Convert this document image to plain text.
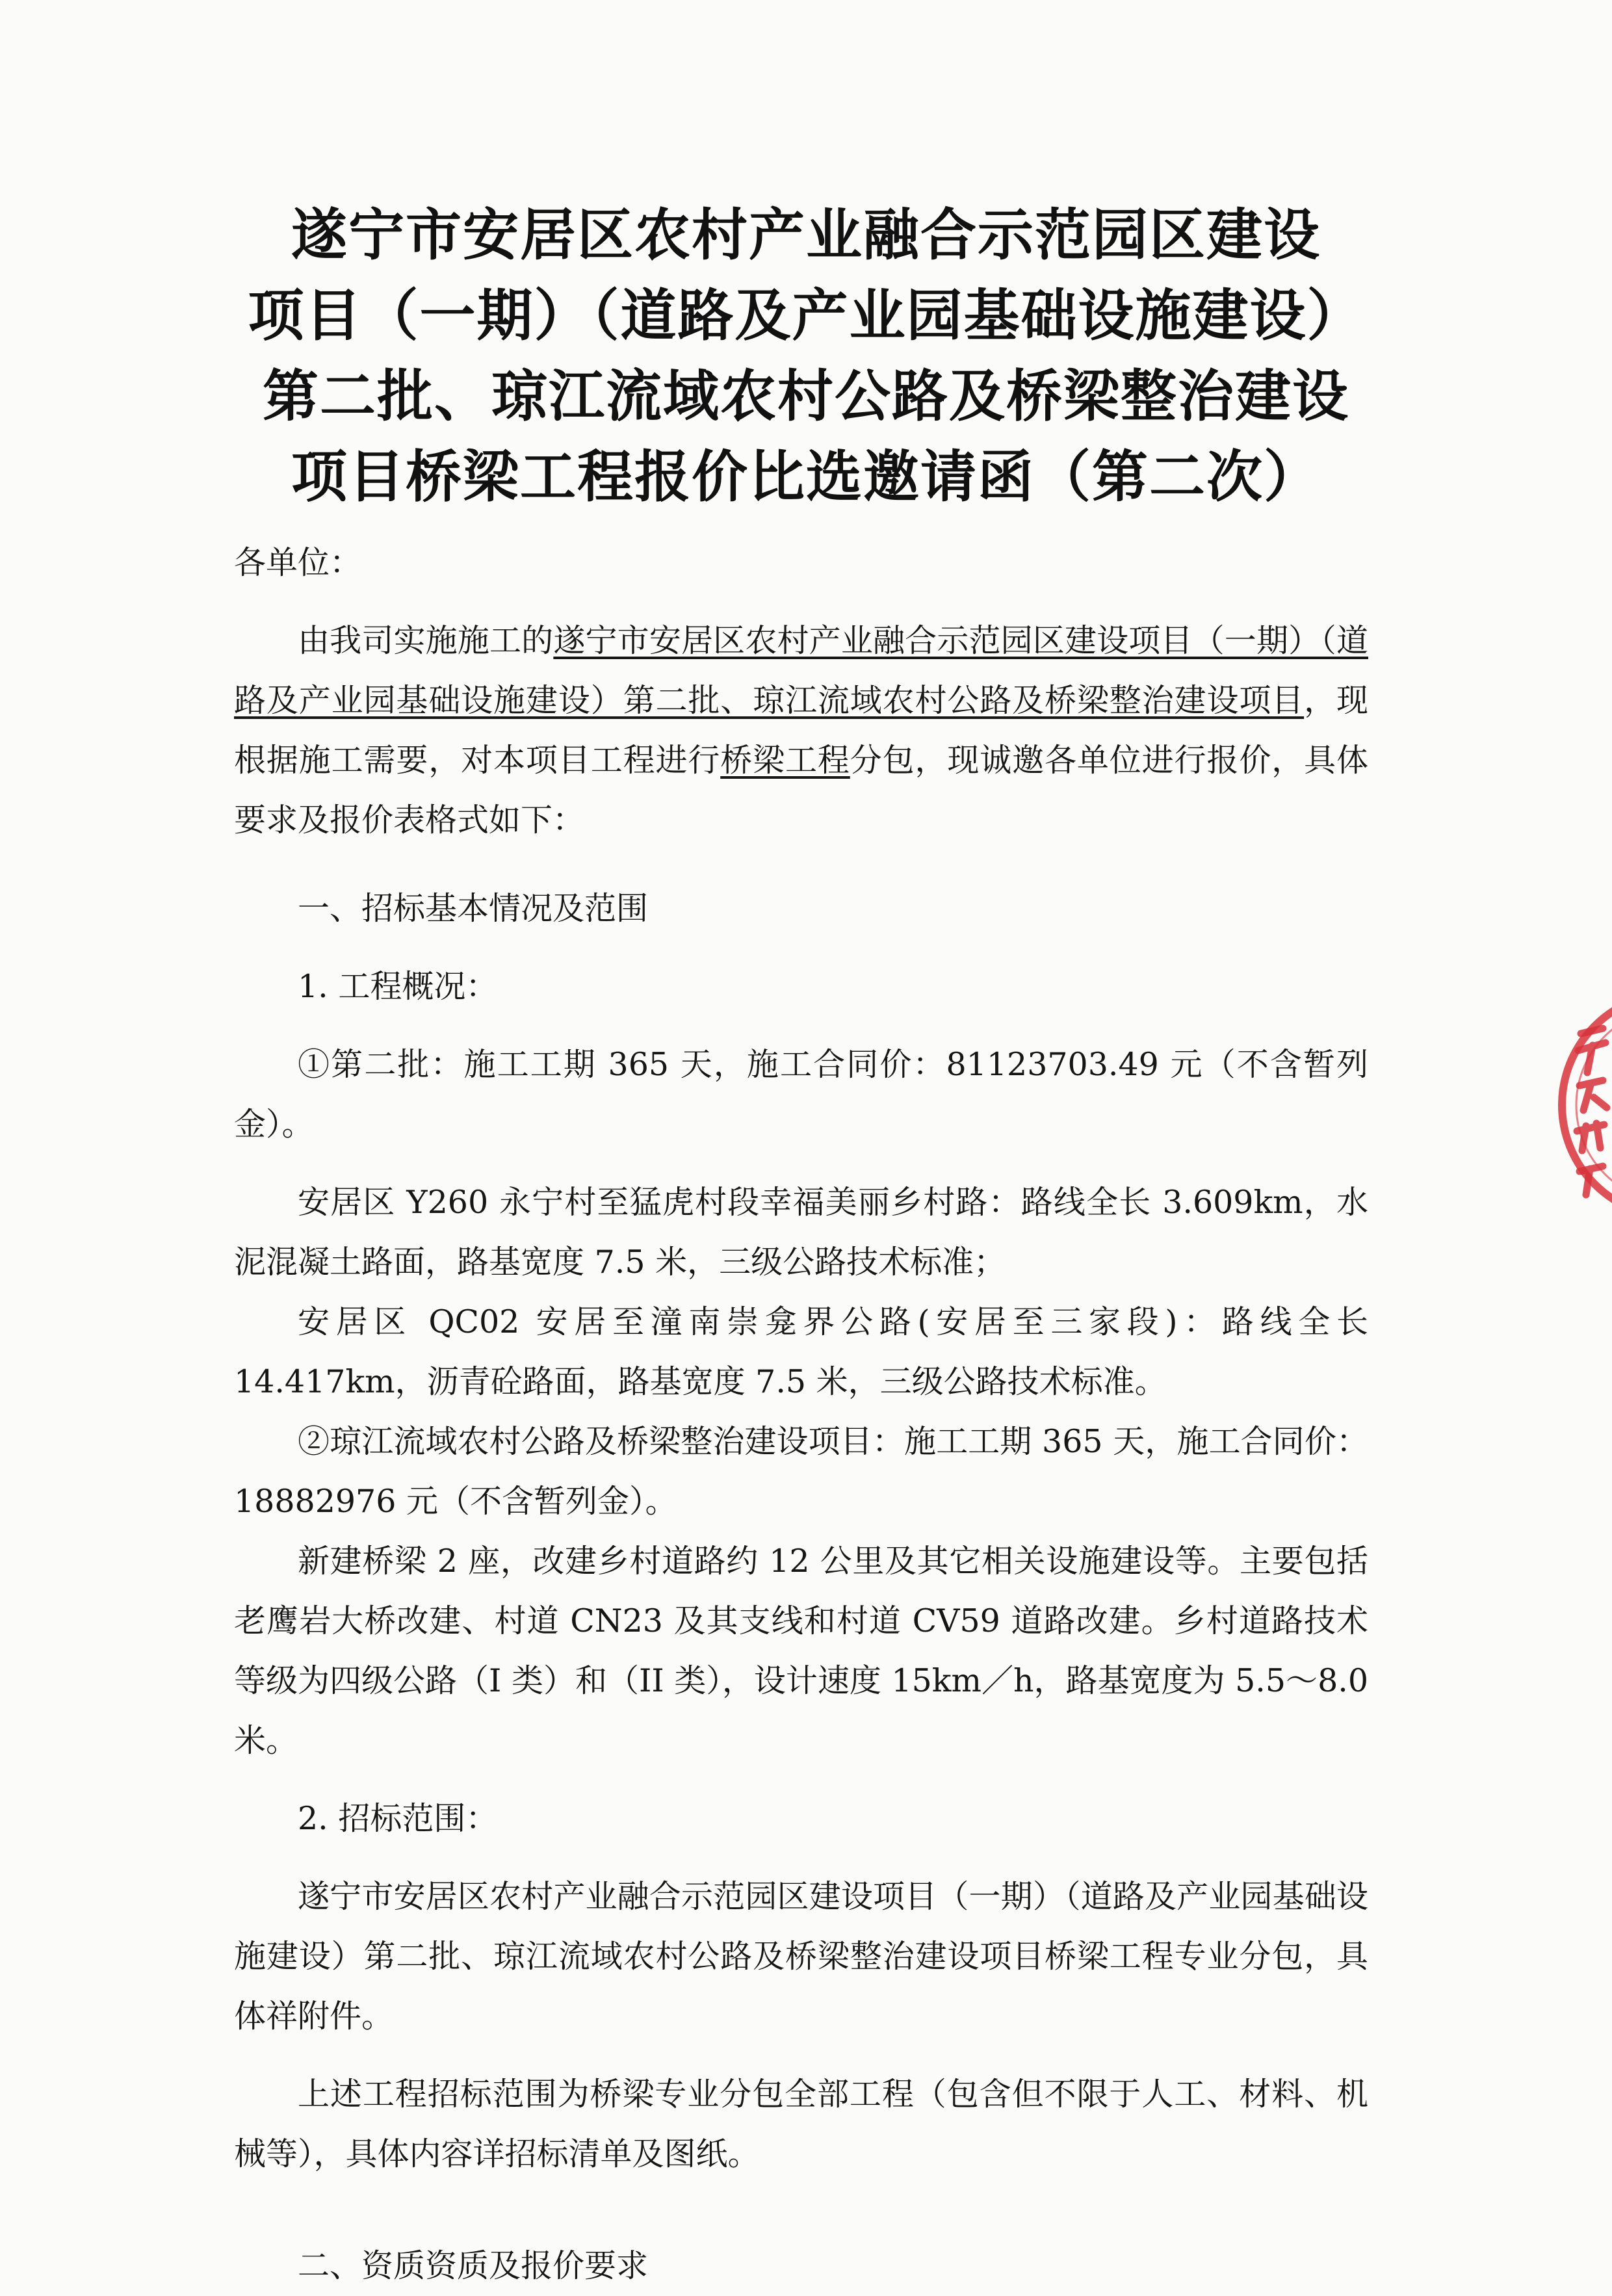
遂宁市安居区农村产业融合示范园区建设
项目（一期）（道路及产业园基础设施建设）
第二批、琼江流域农村公路及桥梁整治建设
项目桥梁工程报价比选邀请函（第二次）

各单位：

由我司实施施工的遂宁市安居区农村产业融合示范园区建设项目（一期）（道路及产业园基础设施建设）第二批、琼江流域农村公路及桥梁整治建设项目，现根据施工需要，对本项目工程进行桥梁工程分包，现诚邀各单位进行报价，具体要求及报价表格式如下：

一、招标基本情况及范围

1. 工程概况：

①第二批：施工工期 365 天，施工合同价：81123703.49 元（不含暂列金）。

安居区 Y260 永宁村至猛虎村段幸福美丽乡村路：路线全长 3.609km，水泥混凝土路面，路基宽度 7.5 米，三级公路技术标准；

安居区 QC02 安居至潼南崇龛界公路(安居至三家段)：路线全长 14.417km，沥青砼路面，路基宽度 7.5 米，三级公路技术标准。

②琼江流域农村公路及桥梁整治建设项目：施工工期 365 天，施工合同价：18882976 元（不含暂列金）。

新建桥梁 2 座，改建乡村道路约 12 公里及其它相关设施建设等。主要包括老鹰岩大桥改建、村道 CN23 及其支线和村道 CV59 道路改建。乡村道路技术等级为四级公路（I 类）和（II 类），设计速度 15km／h，路基宽度为 5.5～8.0 米。

2. 招标范围：

遂宁市安居区农村产业融合示范园区建设项目（一期）（道路及产业园基础设施建设）第二批、琼江流域农村公路及桥梁整治建设项目桥梁工程专业分包，具体祥附件。

上述工程招标范围为桥梁专业分包全部工程（包含但不限于人工、材料、机械等），具体内容详招标清单及图纸。

二、资质资质及报价要求
